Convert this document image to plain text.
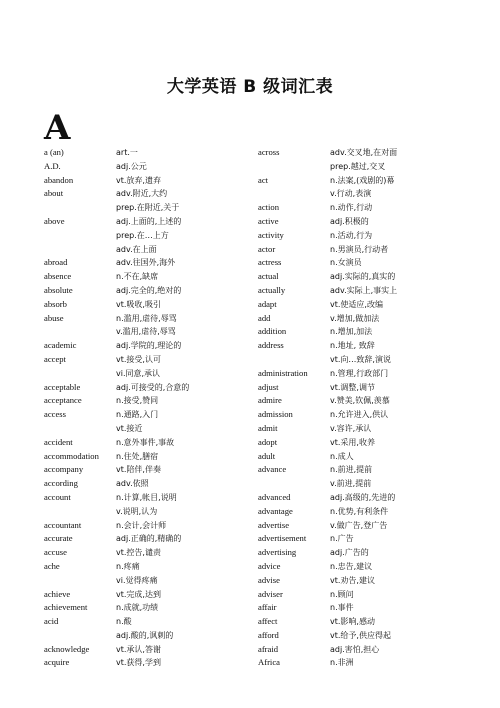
大学英语 B 级词汇表
A
a (an)	art.一
A.D.	adj.公元
abandon	vt.放弃,遗弃
about	adv.附近,大约
prep.在附近,关于
above	adj.上面的,上述的
prep.在…上方
adv.在上面
abroad	adv.往国外,海外
absence	n.不在,缺席
absolute	adj.完全的,绝对的
absorb	vt.吸收,吸引
abuse	n.滥用,虐待,辱骂
v.滥用,虐待,辱骂
academic	adj.学院的,理论的
accept	vt.接受,认可
vi.同意,承认
acceptable	adj.可接受的,合意的
acceptance	n.接受,赞同
access	n.通路,入门
vt.接近
accident	n.意外事件,事故
accommodation n.住处,膳宿
accompany	vt.陪伴,伴奏
according	adv.依照
account	n.计算,帐目,说明
v.说明,认为
accountant	n.会计,会计师
accurate	adj.正确的,精确的
accuse	vt.控告,谴责
ache	n.疼痛
vi.觉得疼痛
achieve	vt.完成,达到
achievement	n.成就,功绩
acid	n.酸
adj.酸的,讽刺的
acknowledge	vt.承认,答谢
acquire	vt.获得,学到
across	adv.交叉地,在对面
prep.越过,交叉
act	n.法案,(戏剧的)幕
v.行动,表演
action	n.动作,行动
active	adj.积极的
activity	n.活动,行为
actor	n.男演员,行动者
actress	n.女演员
actual	adj.实际的,真实的
actually	adv.实际上,事实上
adapt	vt.使适应,改编
add	v.增加,做加法
addition	n.增加,加法
address	n.地址, 致辞
vt.向…致辞,演说
administration	n.管理,行政部门
adjust	vt.调整,调节
admire	v.赞美,钦佩,羡慕
admission	n.允许进入,供认
admit	v.容许,承认
adopt	vt.采用,收养
adult	n.成人
advance	n.前进,提前
v.前进,提前
advanced	adj.高级的,先进的
advantage	n.优势,有利条件
advertise	v.做广告,登广告
advertisement	n.广告
advertising	adj.广告的
advice	n.忠告,建议
advise	vt.劝告,建议
adviser	n.顾问
affair	n.事件
affect	vt.影响,感动
afford	vt.给予,供应得起
afraid	adj.害怕,担心
Africa	n.非洲
